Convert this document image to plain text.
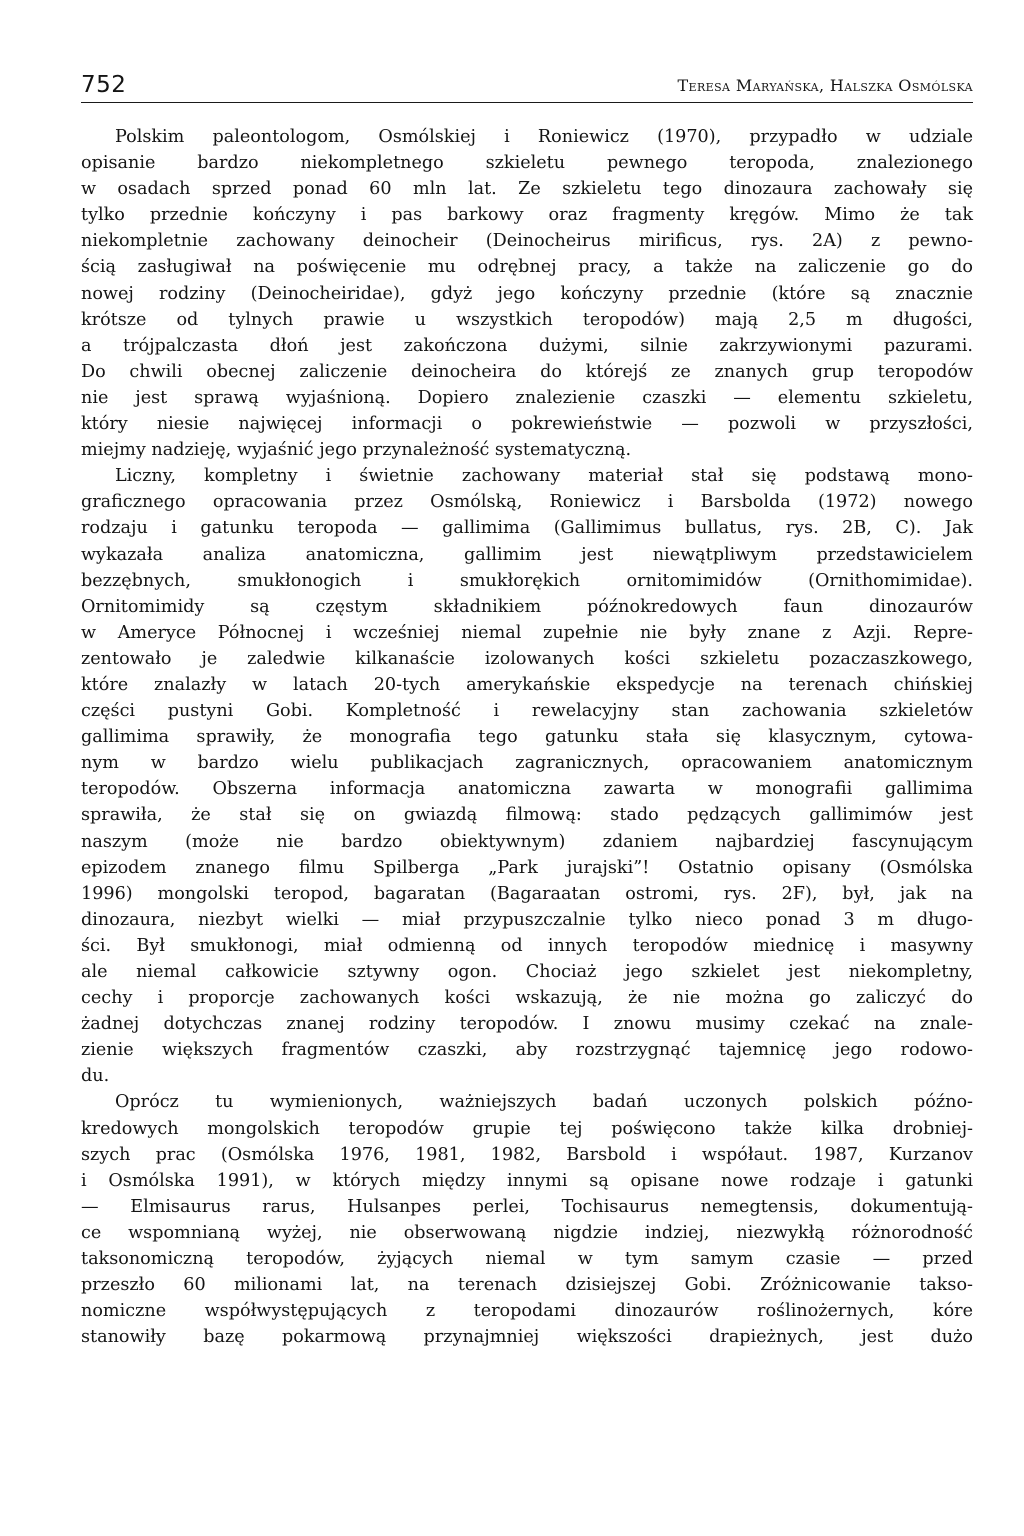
752	Teresa Maryańska, Halszka Osmólska
Polskim paleontologom, Osmólskiej i Roniewicz (1970), przypadło w udziale
opisanie bardzo niekompletnego szkieletu pewnego teropoda, znalezionego
w osadach sprzed ponad 60 mln lat. Ze szkieletu tego dinozaura zachowały się
tylko przednie kończyny i pas barkowy oraz fragmenty kręgów. Mimo że tak
niekompletnie zachowany deinocheir (Deinocheirus mirificus, rys. 2A) z pewno-
ścią zasługiwał na poświęcenie mu odrębnej pracy, a także na zaliczenie go do
nowej rodziny (Deinocheiridae), gdyż jego kończyny przednie (które są znacznie
krótsze od tylnych prawie u wszystkich teropodów) mają 2,5 m długości,
a trójpalczasta dłoń jest zakończona dużymi, silnie zakrzywionymi pazurami.
Do chwili obecnej zaliczenie deinocheira do którejś ze znanych grup teropodów
nie jest sprawą wyjaśnioną. Dopiero znalezienie czaszki — elementu szkieletu,
który niesie najwięcej informacji o pokrewieństwie — pozwoli w przyszłości,
miejmy nadzieję, wyjaśnić jego przynależność systematyczną.
Liczny, kompletny i świetnie zachowany materiał stał się podstawą mono-
graficznego opracowania przez Osmólską, Roniewicz i Barsbolda (1972) nowego
rodzaju i gatunku teropoda — gallimima (Gallimimus bullatus, rys. 2B, C). Jak
wykazała analiza anatomiczna, gallimim jest niewątpliwym przedstawicielem
bezzębnych, smukłonogich i smukłorękich ornitomimidów (Ornithomimidae).
Ornitomimidy są częstym składnikiem późnokredowych faun dinozaurów
w Ameryce Północnej i wcześniej niemal zupełnie nie były znane z Azji. Repre-
zentowało je zaledwie kilkanaście izolowanych kości szkieletu pozaczaszkowego,
które znalazły w latach 20-tych amerykańskie ekspedycje na terenach chińskiej
części pustyni Gobi. Kompletność i rewelacyjny stan zachowania szkieletów
gallimima sprawiły, że monografia tego gatunku stała się klasycznym, cytowa-
nym w bardzo wielu publikacjach zagranicznych, opracowaniem anatomicznym
teropodów. Obszerna informacja anatomiczna zawarta w monografii gallimima
sprawiła, że stał się on gwiazdą filmową: stado pędzących gallimimów jest
naszym (może nie bardzo obiektywnym) zdaniem najbardziej fascynującym
epizodem znanego filmu Spilberga „Park jurajski”! Ostatnio opisany (Osmólska
1996) mongolski teropod, bagaratan (Bagaraatan ostromi, rys. 2F), był, jak na
dinozaura, niezbyt wielki — miał przypuszczalnie tylko nieco ponad 3 m długo-
ści. Był smukłonogi, miał odmienną od innych teropodów miednicę i masywny
ale niemal całkowicie sztywny ogon. Chociaż jego szkielet jest niekompletny,
cechy i proporcje zachowanych kości wskazują, że nie można go zaliczyć do
żadnej dotychczas znanej rodziny teropodów. I znowu musimy czekać na znale-
zienie większych fragmentów czaszki, aby rozstrzygnąć tajemnicę jego rodowo-
du.
Oprócz tu wymienionych, ważniejszych badań uczonych polskich późno-
kredowych mongolskich teropodów grupie tej poświęcono także kilka drobniej-
szych prac (Osmólska 1976, 1981, 1982, Barsbold i współaut. 1987, Kurzanov
i Osmólska 1991), w których między innymi są opisane nowe rodzaje i gatunki
— Elmisaurus rarus, Hulsanpes perlei, Tochisaurus nemegtensis, dokumentują-
ce wspomnianą wyżej, nie obserwowaną nigdzie indziej, niezwykłą różnorodność
taksonomiczną teropodów, żyjących niemal w tym samym czasie — przed
przeszło 60 milionami lat, na terenach dzisiejszej Gobi. Zróżnicowanie takso-
nomiczne współwystępujących z teropodami dinozaurów roślinożernych, kóre
stanowiły bazę pokarmową przynajmniej większości drapieżnych, jest dużo
